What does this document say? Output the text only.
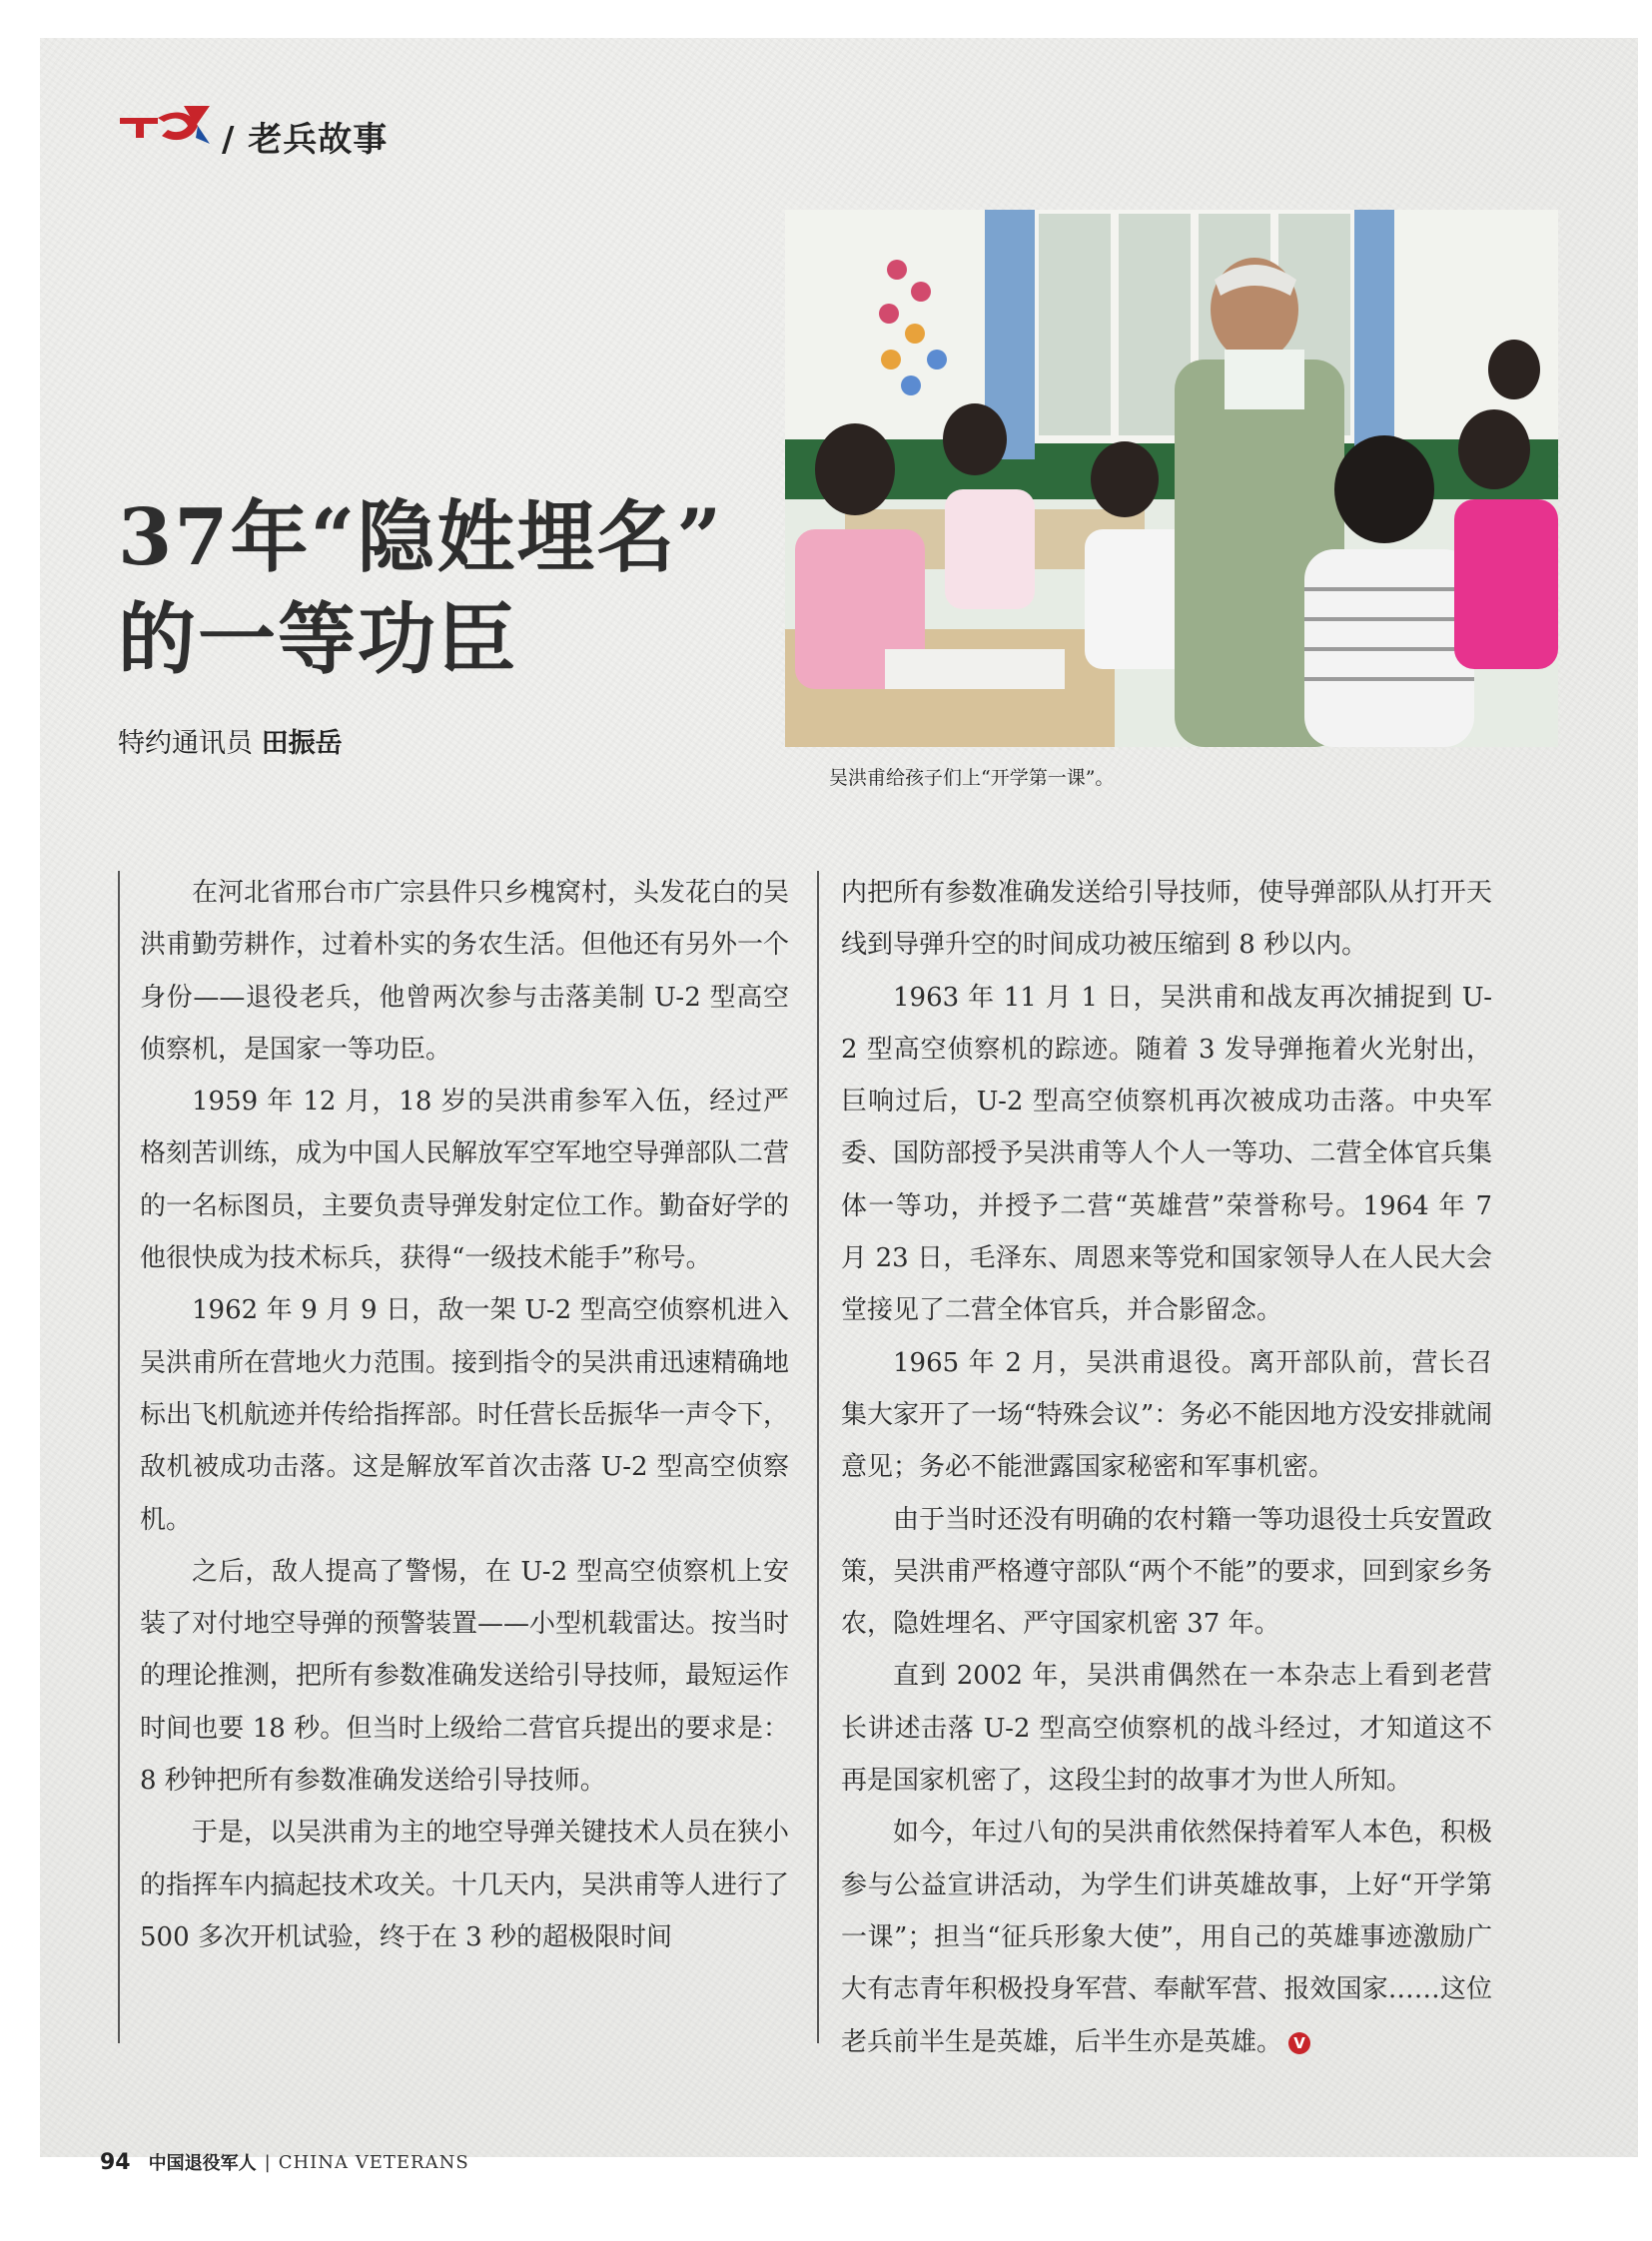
/ 老兵故事
37年“隐姓埋名”
的一等功臣
特约通讯员 田振岳
吴洪甫给孩子们上“开学第一课”。

在河北省邢台市广宗县件只乡槐窝村，头发花白的吴洪甫勤劳耕作，过着朴实的务农生活。但他还有另外一个身份——退役老兵，他曾两次参与击落美制 U-2 型高空侦察机，是国家一等功臣。

1959 年 12 月，18 岁的吴洪甫参军入伍，经过严格刻苦训练，成为中国人民解放军空军地空导弹部队二营的一名标图员，主要负责导弹发射定位工作。勤奋好学的他很快成为技术标兵，获得“一级技术能手”称号。

1962 年 9 月 9 日，敌一架 U-2 型高空侦察机进入吴洪甫所在营地火力范围。接到指令的吴洪甫迅速精确地标出飞机航迹并传给指挥部。时任营长岳振华一声令下，敌机被成功击落。这是解放军首次击落 U-2 型高空侦察机。

之后，敌人提高了警惕，在 U-2 型高空侦察机上安装了对付地空导弹的预警装置——小型机载雷达。按当时的理论推测，把所有参数准确发送给引导技师，最短运作时间也要 18 秒。但当时上级给二营官兵提出的要求是：8 秒钟把所有参数准确发送给引导技师。

于是，以吴洪甫为主的地空导弹关键技术人员在狭小的指挥车内搞起技术攻关。十几天内，吴洪甫等人进行了 500 多次开机试验，终于在 3 秒的超极限时间

内把所有参数准确发送给引导技师，使导弹部队从打开天线到导弹升空的时间成功被压缩到 8 秒以内。

1963 年 11 月 1 日，吴洪甫和战友再次捕捉到 U-2 型高空侦察机的踪迹。随着 3 发导弹拖着火光射出，巨响过后，U-2 型高空侦察机再次被成功击落。中央军委、国防部授予吴洪甫等人个人一等功、二营全体官兵集体一等功，并授予二营“英雄营”荣誉称号。1964 年 7 月 23 日，毛泽东、周恩来等党和国家领导人在人民大会堂接见了二营全体官兵，并合影留念。

1965 年 2 月，吴洪甫退役。离开部队前，营长召集大家开了一场“特殊会议”：务必不能因地方没安排就闹意见；务必不能泄露国家秘密和军事机密。

由于当时还没有明确的农村籍一等功退役士兵安置政策，吴洪甫严格遵守部队“两个不能”的要求，回到家乡务农，隐姓埋名、严守国家机密 37 年。

直到 2002 年，吴洪甫偶然在一本杂志上看到老营长讲述击落 U-2 型高空侦察机的战斗经过，才知道这不再是国家机密了，这段尘封的故事才为世人所知。

如今，年过八旬的吴洪甫依然保持着军人本色，积极参与公益宣讲活动，为学生们讲英雄故事，上好“开学第一课”；担当“征兵形象大使”，用自己的英雄事迹激励广大有志青年积极投身军营、奉献军营、报效国家……这位老兵前半生是英雄，后半生亦是英雄。 V

94 中国退役军人 | CHINA VETERANS
